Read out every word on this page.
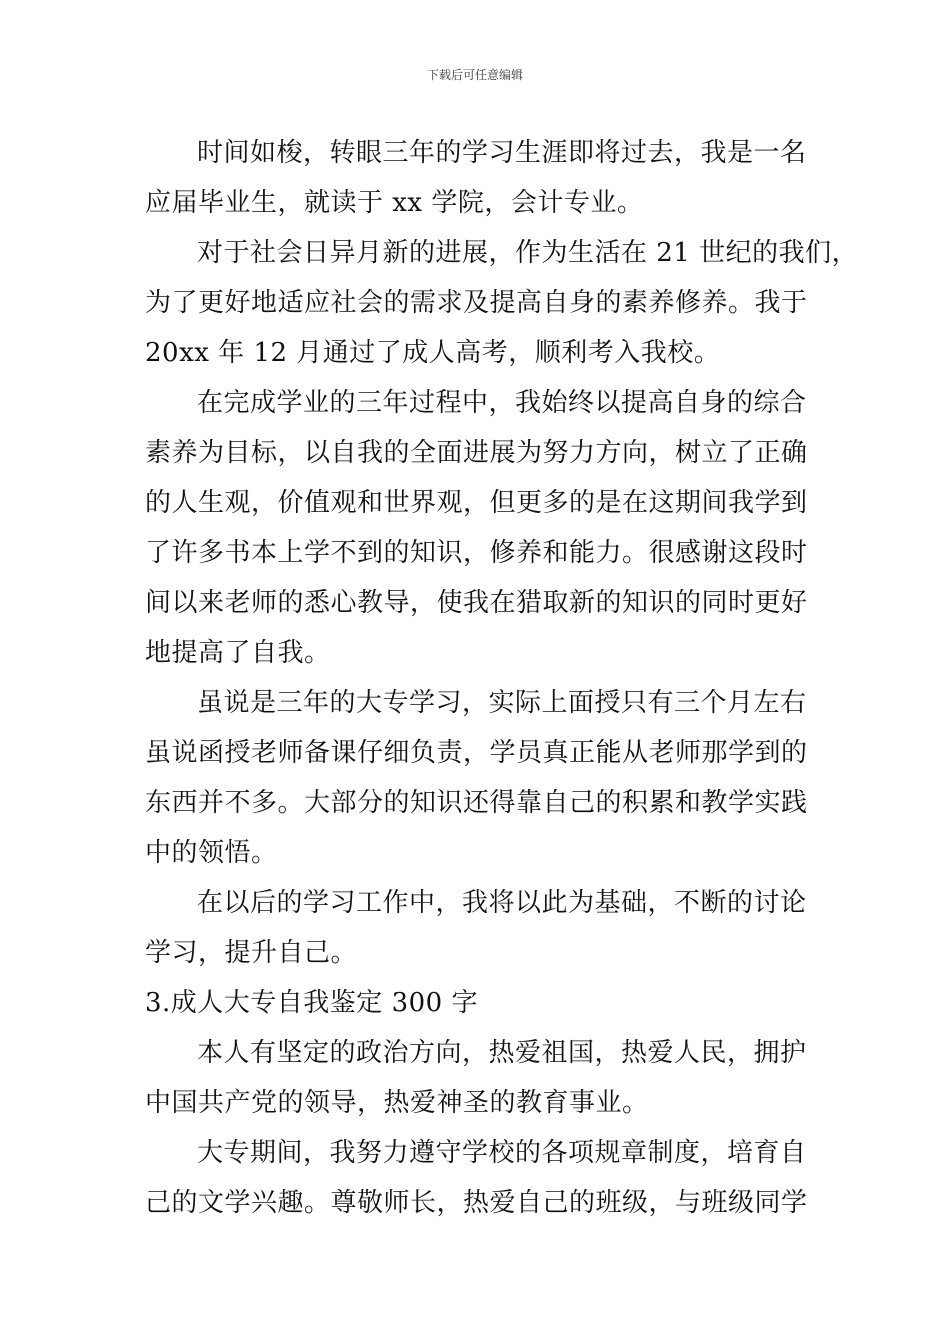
下载后可任意编辑
时间如梭，转眼三年的学习生涯即将过去，我是一名
应届毕业生，就读于 xx 学院，会计专业。
对于社会日异月新的进展，作为生活在 21 世纪的我们，
为了更好地适应社会的需求及提高自身的素养修养。我于
20xx 年 12 月通过了成人高考，顺利考入我校。
在完成学业的三年过程中，我始终以提高自身的综合
素养为目标，以自我的全面进展为努力方向，树立了正确
的人生观，价值观和世界观，但更多的是在这期间我学到
了许多书本上学不到的知识，修养和能力。很感谢这段时
间以来老师的悉心教导，使我在猎取新的知识的同时更好
地提高了自我。
虽说是三年的大专学习，实际上面授只有三个月左右
虽说函授老师备课仔细负责，学员真正能从老师那学到的
东西并不多。大部分的知识还得靠自己的积累和教学实践
中的领悟。
在以后的学习工作中，我将以此为基础，不断的讨论
学习，提升自己。
3.成人大专自我鉴定 300 字
本人有坚定的政治方向，热爱祖国，热爱人民，拥护
中国共产党的领导，热爱神圣的教育事业。
大专期间，我努力遵守学校的各项规章制度，培育自
己的文学兴趣。尊敬师长，热爱自己的班级，与班级同学
